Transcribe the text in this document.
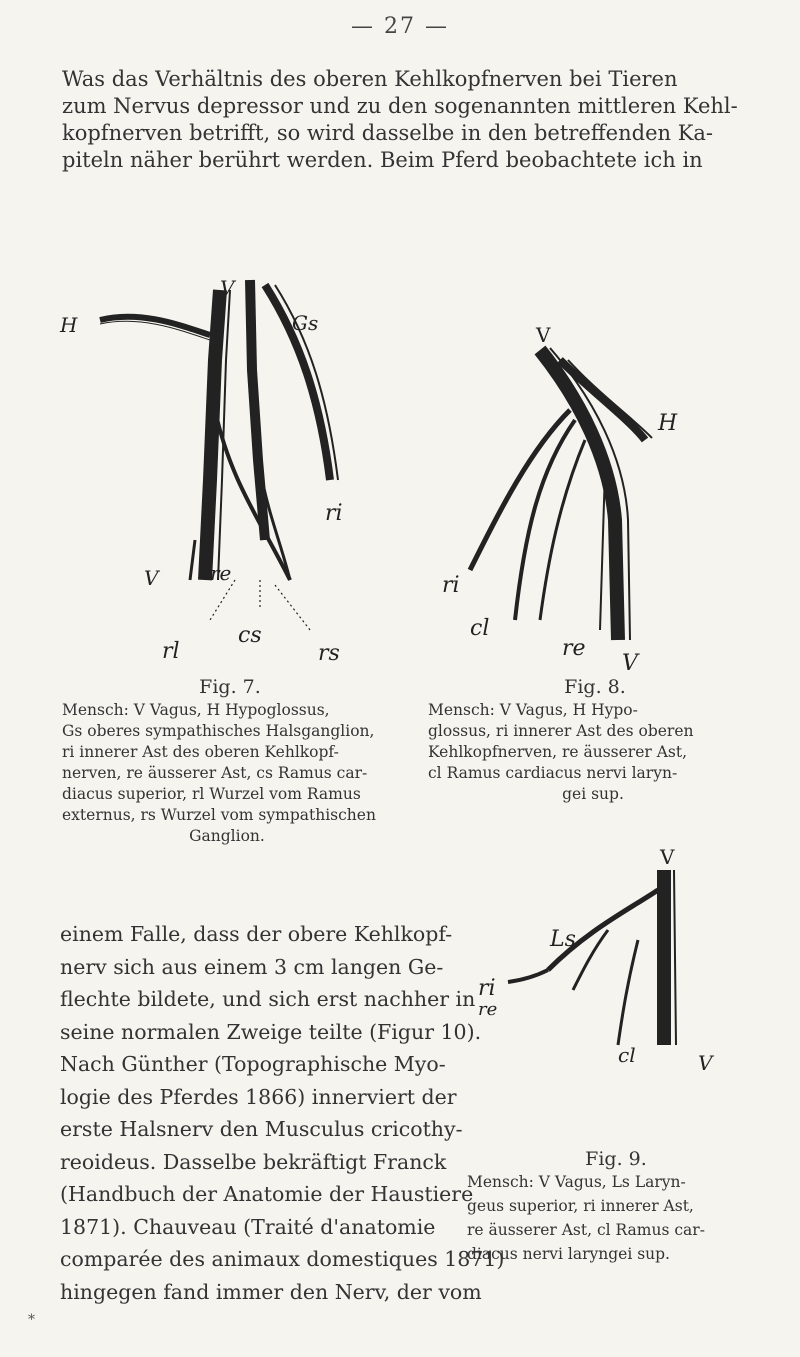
— 27 —
Was das Verhältnis des oberen Kehlkopfnerven bei Tieren
zum Nervus depressor und zu den sogenannten mittleren Kehl-
kopfnerven betrifft, so wird dasselbe in den betreffenden Ka-
piteln näher berührt werden. Beim Pferd beobachtete ich in
V
H	Gs
ri
re
V
rl
cs
rs
Fig. 7.
Mensch: V Vagus, H Hypoglossus,
Gs oberes sympathisches Halsganglion,
ri innerer Ast des oberen Kehlkopf-
nerven, re äusserer Ast, cs Ramus car-
diacus superior, rl Wurzel vom Ramus
externus, rs Wurzel vom sympathischen
Ganglion.
V
H
ri
cl
re
V
Fig. 8.
Mensch: V Vagus, H Hypo-
glossus, ri innerer Ast des oberen
Kehlkopfnerven, re äusserer Ast,
cl Ramus cardiacus nervi laryn-
gei sup.
V
Ls
ri
re
cl	V
Fig. 9.
Mensch: V Vagus, Ls Laryn-
geus superior, ri innerer Ast,
re äusserer Ast, cl Ramus car-
diacus nervi laryngei sup.
einem Falle, dass der obere Kehlkopf-
nerv sich aus einem 3 cm langen Ge-
flechte bildete, und sich erst nachher in
seine normalen Zweige teilte (Figur 10).
Nach Günther (Topographische Myo-
logie des Pferdes 1866) innerviert der
erste Halsnerv den Musculus cricothy-
reoideus. Dasselbe bekräftigt Franck
(Handbuch der Anatomie der Haustiere
1871). Chauveau (Traité d'anatomie
comparée des animaux domestiques 1871)
hingegen fand immer den Nerv, der vom
*
